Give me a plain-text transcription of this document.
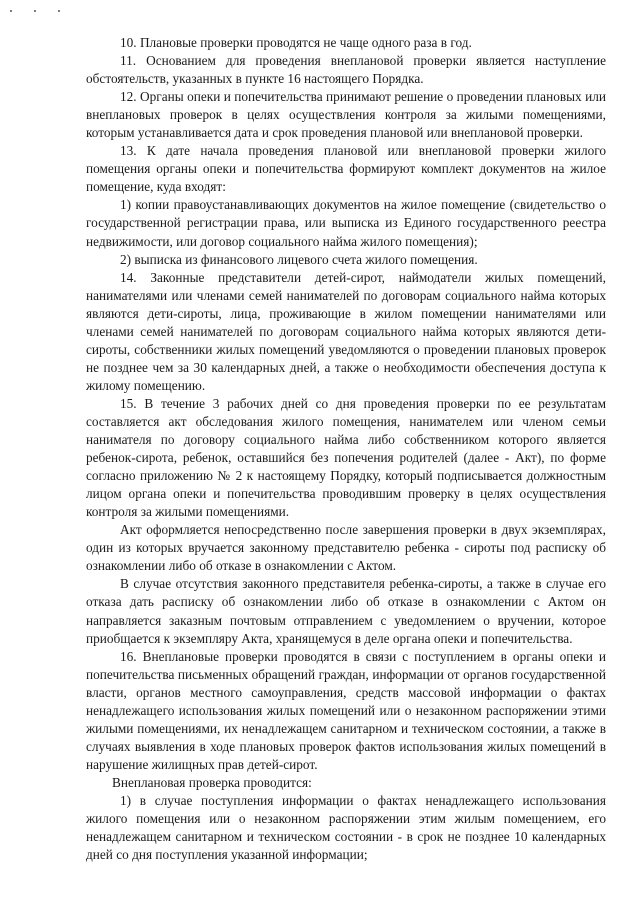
10. Плановые проверки проводятся не чаще одного раза в год.

11. Основанием для проведения внеплановой проверки является наступление обстоятельств, указанных в пункте 16 настоящего Порядка.

12. Органы опеки и попечительства принимают решение о проведении плановых или внеплановых проверок в целях осуществления контроля за жилыми помещениями, которым устанавливается дата и срок проведения плановой или внеплановой проверки.

13. К дате начала проведения плановой или внеплановой проверки жилого помещения органы опеки и попечительства формируют комплект документов на жилое помещение, куда входят:

1) копии правоустанавливающих документов на жилое помещение (свидетельство о государственной регистрации права, или выписка из Единого государственного реестра недвижимости, или договор социального найма жилого помещения);

2) выписка из финансового лицевого счета жилого помещения.

14. Законные представители детей-сирот, наймодатели жилых помещений, нанимателями или членами семей нанимателей по договорам социального найма которых являются дети-сироты, лица, проживающие в жилом помещении нанимателями или членами семей нанимателей по договорам социального найма которых являются дети-сироты, собственники жилых помещений уведомляются о проведении плановых проверок не позднее чем за 30 календарных дней, а также о необходимости обеспечения доступа к жилому помещению.

15. В течение 3 рабочих дней со дня проведения проверки по ее результатам составляется акт обследования жилого помещения, нанимателем или членом семьи нанимателя по договору социального найма либо собственником которого является ребенок-сирота, ребенок, оставшийся без попечения родителей (далее - Акт), по форме согласно приложению № 2 к настоящему Порядку, который подписывается должностным лицом органа опеки и попечительства проводившим проверку в целях осуществления контроля за жилыми помещениями.

Акт оформляется непосредственно после завершения проверки в двух экземплярах, один из которых вручается законному представителю ребенка - сироты под расписку об ознакомлении либо об отказе в ознакомлении с Актом.

В случае отсутствия законного представителя ребенка-сироты, а также в случае его отказа дать расписку об ознакомлении либо об отказе в ознакомлении с Актом он направляется заказным почтовым отправлением с уведомлением о вручении, которое приобщается к экземпляру Акта, хранящемуся в деле органа опеки и попечительства.

16. Внеплановые проверки проводятся в связи с поступлением в органы опеки и попечительства письменных обращений граждан, информации от органов государственной власти, органов местного самоуправления, средств массовой информации о фактах ненадлежащего использования жилых помещений или о незаконном распоряжении этими жилыми помещениями, их ненадлежащем санитарном и техническом состоянии, а также в случаях выявления в ходе плановых проверок фактов использования жилых помещений в нарушение жилищных прав детей-сирот.

Внеплановая проверка проводится:

1) в случае поступления информации о фактах ненадлежащего использования жилого помещения или о незаконном распоряжении этим жилым помещением, его ненадлежащем санитарном и техническом состоянии - в срок не позднее 10 календарных дней со дня поступления указанной информации;
